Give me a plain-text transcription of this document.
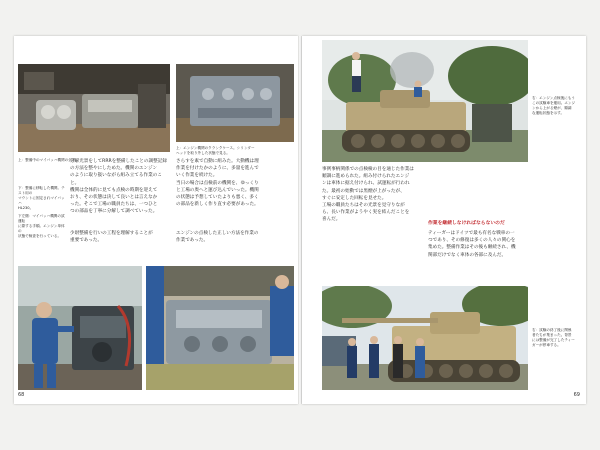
上：整備中のマイバッハ機関の全景。
下：整備に移転した機関。テスト用の
マウントに固定されマイバッハ
HL230。
下左側：マイバッハ機関の試運転
に際する手順。エンジン単体の
状態で検査を行っている。
上：エンジン機関のクランクケース。シリンダー
ヘッドを取り外した状態で見る。
分解光景をしてRRRを整備したことの調整記録
の方法を整やにしためた。機関のエンジン
のように取り扱いながら組み立てる作業のこ
と。
機関は全体的に見ても点検の時期を迎えて
おり、その状態は決して良いとは言えなか
った。そこで工場の職員たちは、一つひと
つの部品を丁寧に分解して調べていった。

少尉整備を行いの工程を理解することが
重要であった。
さらすを素で自動に組みた。大動機は理
作業を付けたかのように、多量を進んで
いく作業を続けた。
当日の場合は点検前の機関を、ゆっくり
と工場の奥へと運び込んでいった。機関
の状態は予想していたよりも悪く、多く
の部品を新しく作り直す必要があった。

エンジンの点検した正しい方法を作業の
作業であった。
68
右：エンジン点検後にもう
この試験車を運用。エンジ
ンから上がる煙が、順調
な運転状態を示す。
事例事柄関係での点検検の目を通じた作業は
順調に進められた。組み付けられたエンジ
ンは車体に据え付けられ、試運転が行われ
た。最初の始動では黒煙が上がったが、
すぐに安定した回転を見せた。
工場の職員たちはその光景を見守りなが
ら、長い作業がようやく実を結んだことを
喜んだ。

作業を継続しなければならないのだ
ティーガーはドイツで最も有名な戦車の一
つであり、その修復は多くの人々の関心を
集めた。整備作業はその後も継続され、機
関部だけでなく車体の各部に及んだ。

右：試験の終了後に関係
者たちが集まった。背景
には整備が完了したティー
ガーが停車する。
69
